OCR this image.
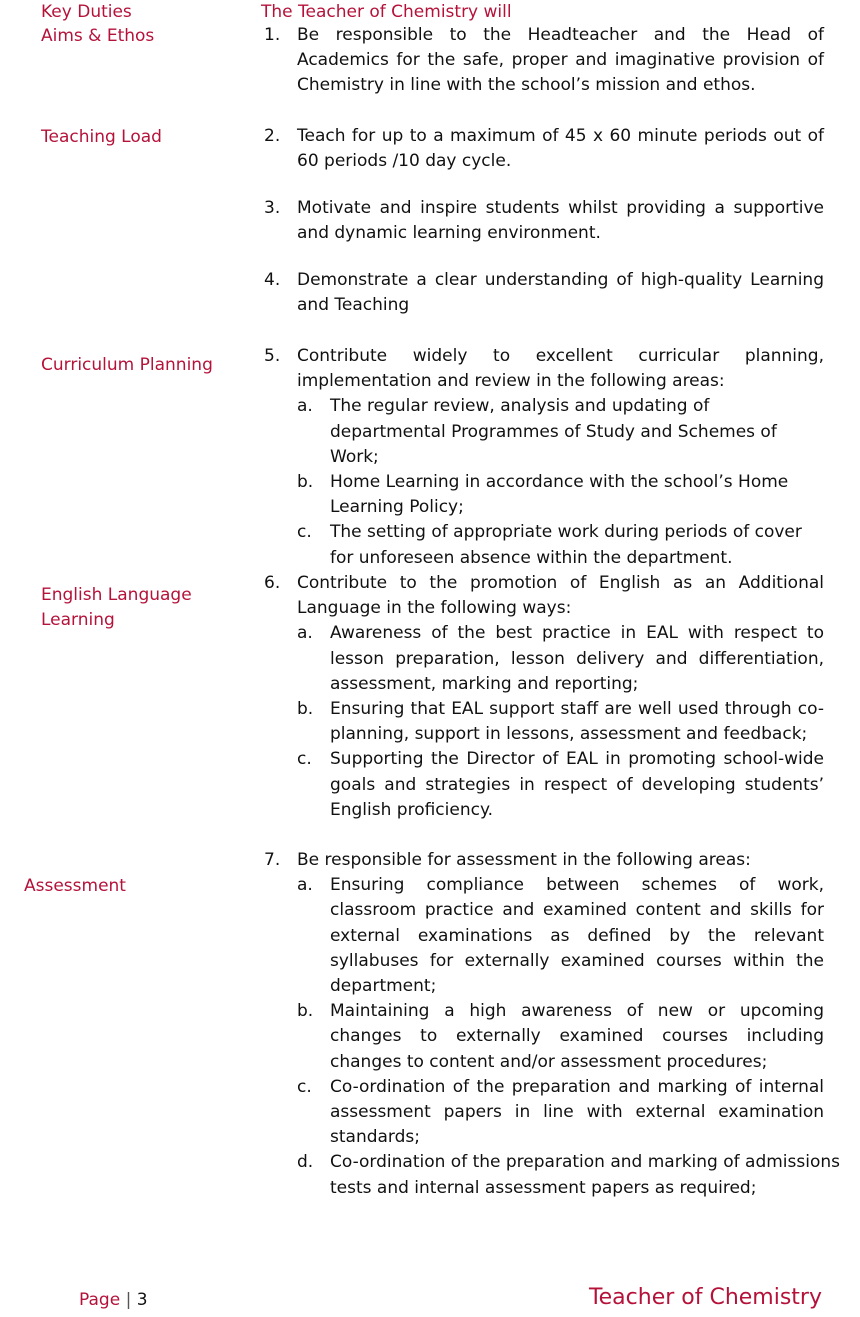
Key Duties
Aims & Ethos
Teaching Load
Curriculum Planning
English Language
Learning
Assessment
The Teacher of Chemistry will
1. Be responsible to the Headteacher and the Head of Academics for the safe, proper and imaginative provision of Chemistry in line with the school’s mission and ethos.
2. Teach for up to a maximum of 45 x 60 minute periods out of 60 periods /10 day cycle.
3. Motivate and inspire students whilst providing a supportive and dynamic learning environment.
4. Demonstrate a clear understanding of high-quality Learning and Teaching
5. Contribute widely to excellent curricular planning, implementation and review in the following areas:
a. The regular review, analysis and updating of departmental Programmes of Study and Schemes of Work;
b. Home Learning in accordance with the school’s Home Learning Policy;
c. The setting of appropriate work during periods of cover for unforeseen absence within the department.
6. Contribute to the promotion of English as an Additional Language in the following ways:
a. Awareness of the best practice in EAL with respect to lesson preparation, lesson delivery and differentiation, assessment, marking and reporting;
b. Ensuring that EAL support staff are well used through co-planning, support in lessons, assessment and feedback;
c. Supporting the Director of EAL in promoting school-wide goals and strategies in respect of developing students’ English proficiency.
7. Be responsible for assessment in the following areas:
a. Ensuring compliance between schemes of work, classroom practice and examined content and skills for external examinations as defined by the relevant syllabuses for externally examined courses within the department;
b. Maintaining a high awareness of new or upcoming changes to externally examined courses including changes to content and/or assessment procedures;
c. Co-ordination of the preparation and marking of internal assessment papers in line with external examination standards;
d. Co-ordination of the preparation and marking of admissions tests and internal assessment papers as required;
Page | 3	Teacher of Chemistry
